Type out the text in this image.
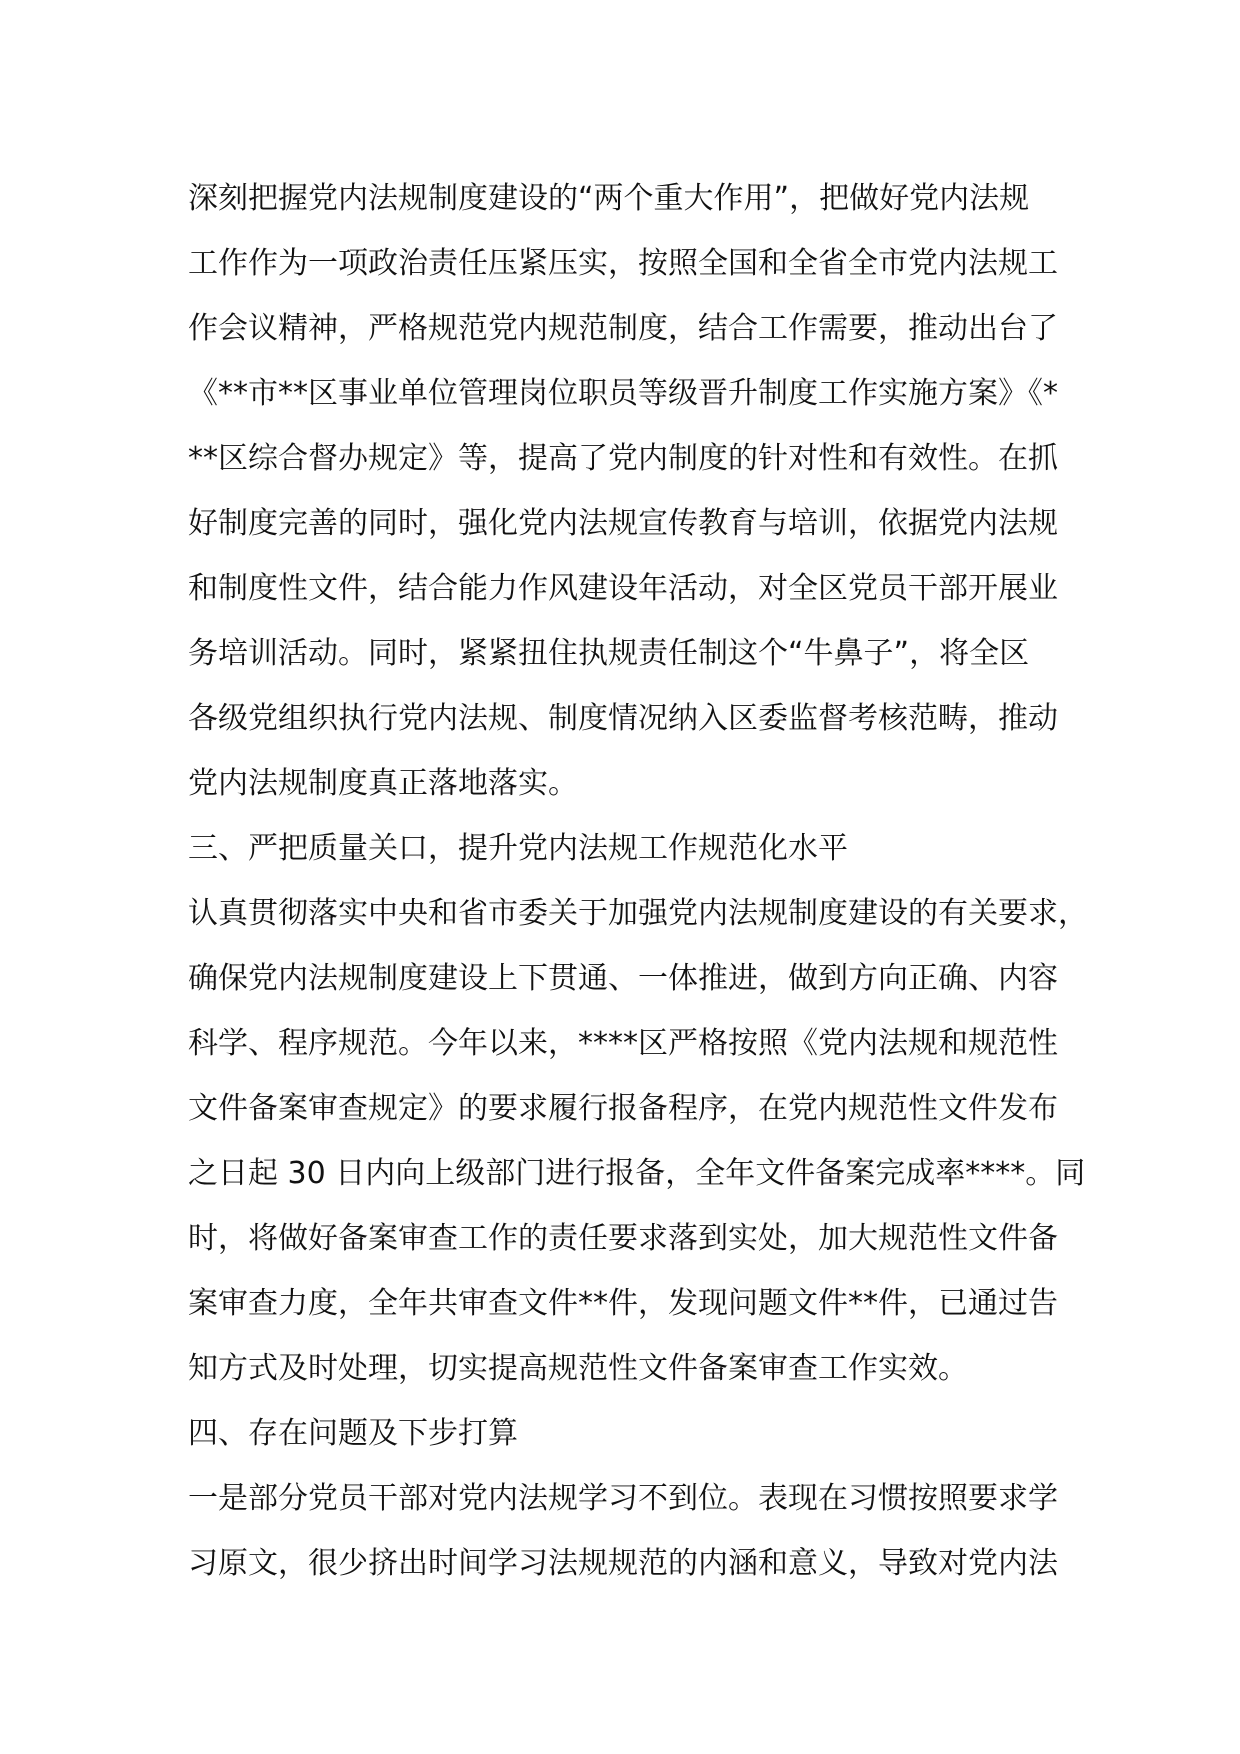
深刻把握党内法规制度建设的“两个重大作用”，把做好党内法规
工作作为一项政治责任压紧压实，按照全国和全省全市党内法规工
作会议精神，严格规范党内规范制度，结合工作需要，推动出台了
《**市**区事业单位管理岗位职员等级晋升制度工作实施方案》《*
**区综合督办规定》等，提高了党内制度的针对性和有效性。在抓
好制度完善的同时，强化党内法规宣传教育与培训，依据党内法规
和制度性文件，结合能力作风建设年活动，对全区党员干部开展业
务培训活动。同时，紧紧扭住执规责任制这个“牛鼻子”，将全区
各级党组织执行党内法规、制度情况纳入区委监督考核范畴，推动
党内法规制度真正落地落实。
三、严把质量关口，提升党内法规工作规范化水平
认真贯彻落实中央和省市委关于加强党内法规制度建设的有关要求，
确保党内法规制度建设上下贯通、一体推进，做到方向正确、内容
科学、程序规范。今年以来，****区严格按照《党内法规和规范性
文件备案审查规定》的要求履行报备程序，在党内规范性文件发布
之日起 30 日内向上级部门进行报备，全年文件备案完成率****。同
时，将做好备案审查工作的责任要求落到实处，加大规范性文件备
案审查力度，全年共审查文件**件，发现问题文件**件，已通过告
知方式及时处理，切实提高规范性文件备案审查工作实效。
四、存在问题及下步打算
一是部分党员干部对党内法规学习不到位。表现在习惯按照要求学
习原文，很少挤出时间学习法规规范的内涵和意义，导致对党内法
